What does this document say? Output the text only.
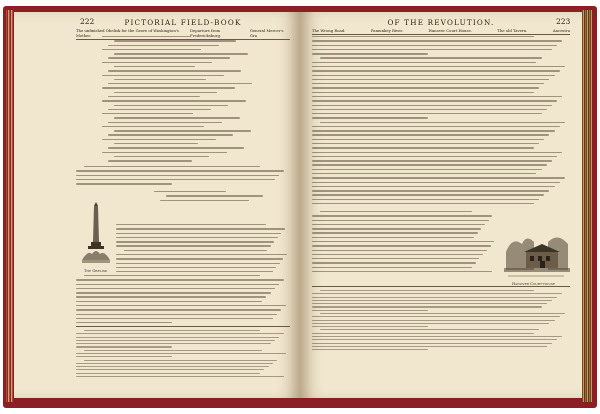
222	PICTORIAL FIELD-BOOK
The unfinished Obelisk for the Grave of Washington's Mother.
Departure from Fredericksburg.
General Mercer's Gra
The Obelisk
OF THE REVOLUTION.	223
The Wrong Road.	Pamunkey River.	Hanover Court House.	The old Tavern.	Ancestra
Hanover Court-house
